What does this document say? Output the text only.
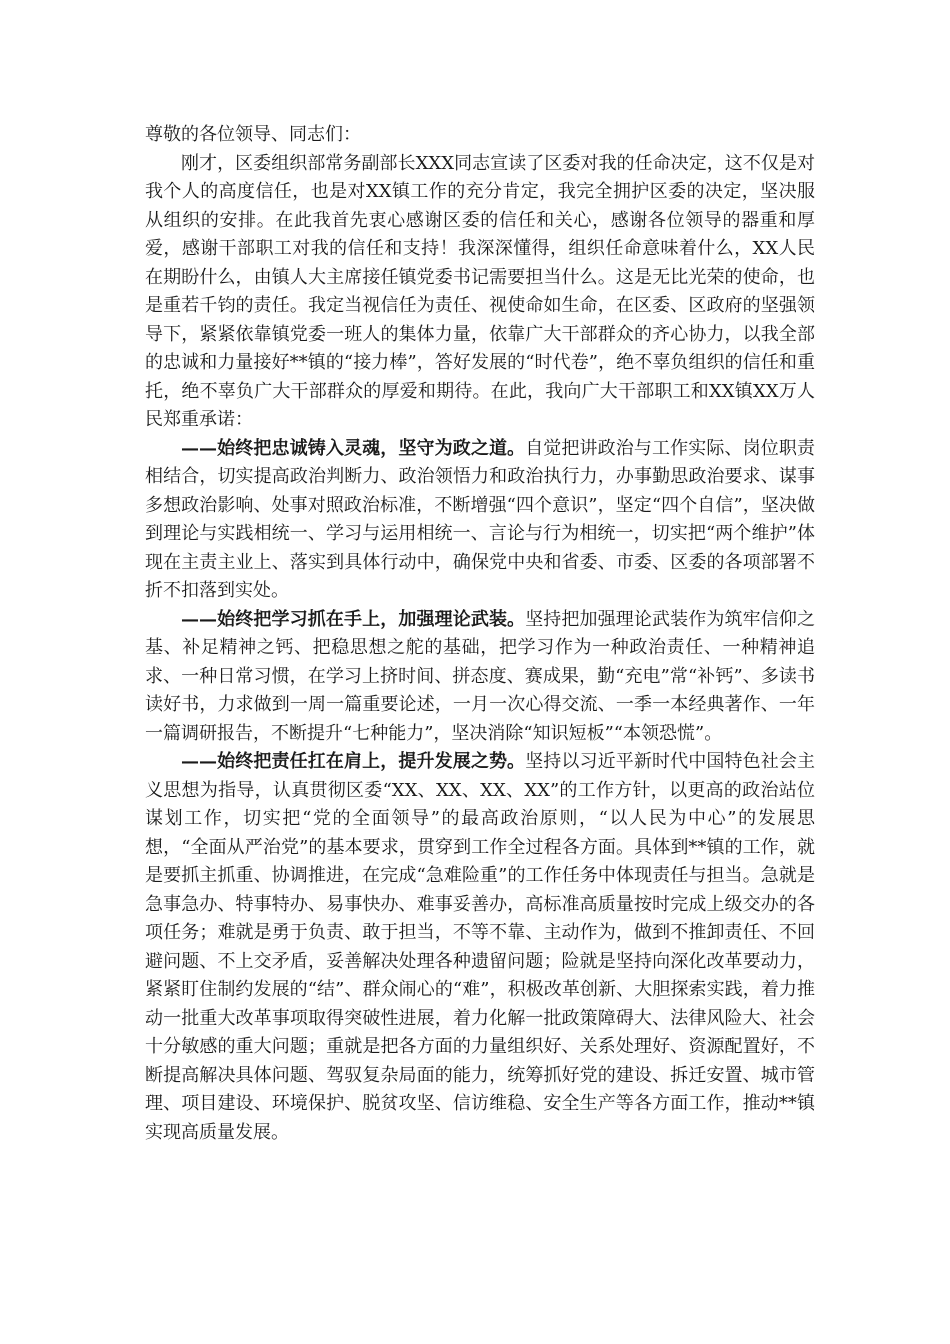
尊敬的各位领导、同志们：

刚才，区委组织部常务副部长XXX同志宣读了区委对我的任命决定，这不仅是对我个人的高度信任，也是对XX镇工作的充分肯定，我完全拥护区委的决定，坚决服从组织的安排。在此我首先衷心感谢区委的信任和关心，感谢各位领导的器重和厚爱，感谢干部职工对我的信任和支持！我深深懂得，组织任命意味着什么，XX人民在期盼什么，由镇人大主席接任镇党委书记需要担当什么。这是无比光荣的使命，也是重若千钧的责任。我定当视信任为责任、视使命如生命，在区委、区政府的坚强领导下，紧紧依靠镇党委一班人的集体力量，依靠广大干部群众的齐心协力，以我全部的忠诚和力量接好**镇的“接力棒”，答好发展的“时代卷”，绝不辜负组织的信任和重托，绝不辜负广大干部群众的厚爱和期待。在此，我向广大干部职工和XX镇XX万人民郑重承诺：

——始终把忠诚铸入灵魂，坚守为政之道。自觉把讲政治与工作实际、岗位职责相结合，切实提高政治判断力、政治领悟力和政治执行力，办事勤思政治要求、谋事多想政治影响、处事对照政治标准，不断增强“四个意识”，坚定“四个自信”，坚决做到理论与实践相统一、学习与运用相统一、言论与行为相统一，切实把“两个维护”体现在主责主业上、落实到具体行动中，确保党中央和省委、市委、区委的各项部署不折不扣落到实处。

——始终把学习抓在手上，加强理论武装。坚持把加强理论武装作为筑牢信仰之基、补足精神之钙、把稳思想之舵的基础，把学习作为一种政治责任、一种精神追求、一种日常习惯，在学习上挤时间、拼态度、赛成果，勤“充电”常“补钙”、多读书读好书，力求做到一周一篇重要论述，一月一次心得交流、一季一本经典著作、一年一篇调研报告，不断提升“七种能力”，坚决消除“知识短板”“本领恐慌”。

——始终把责任扛在肩上，提升发展之势。坚持以习近平新时代中国特色社会主义思想为指导，认真贯彻区委“XX、XX、XX、XX”的工作方针，以更高的政治站位谋划工作，切实把“党的全面领导”的最高政治原则，“以人民为中心”的发展思想，“全面从严治党”的基本要求，贯穿到工作全过程各方面。具体到**镇的工作，就是要抓主抓重、协调推进，在完成“急难险重”的工作任务中体现责任与担当。急就是急事急办、特事特办、易事快办、难事妥善办，高标准高质量按时完成上级交办的各项任务；难就是勇于负责、敢于担当，不等不靠、主动作为，做到不推卸责任、不回避问题、不上交矛盾，妥善解决处理各种遗留问题；险就是坚持向深化改革要动力，紧紧盯住制约发展的“结”、群众闹心的“难”，积极改革创新、大胆探索实践，着力推动一批重大改革事项取得突破性进展，着力化解一批政策障碍大、法律风险大、社会十分敏感的重大问题；重就是把各方面的力量组织好、关系处理好、资源配置好，不断提高解决具体问题、驾驭复杂局面的能力，统筹抓好党的建设、拆迁安置、城市管理、项目建设、环境保护、脱贫攻坚、信访维稳、安全生产等各方面工作，推动**镇实现高质量发展。
